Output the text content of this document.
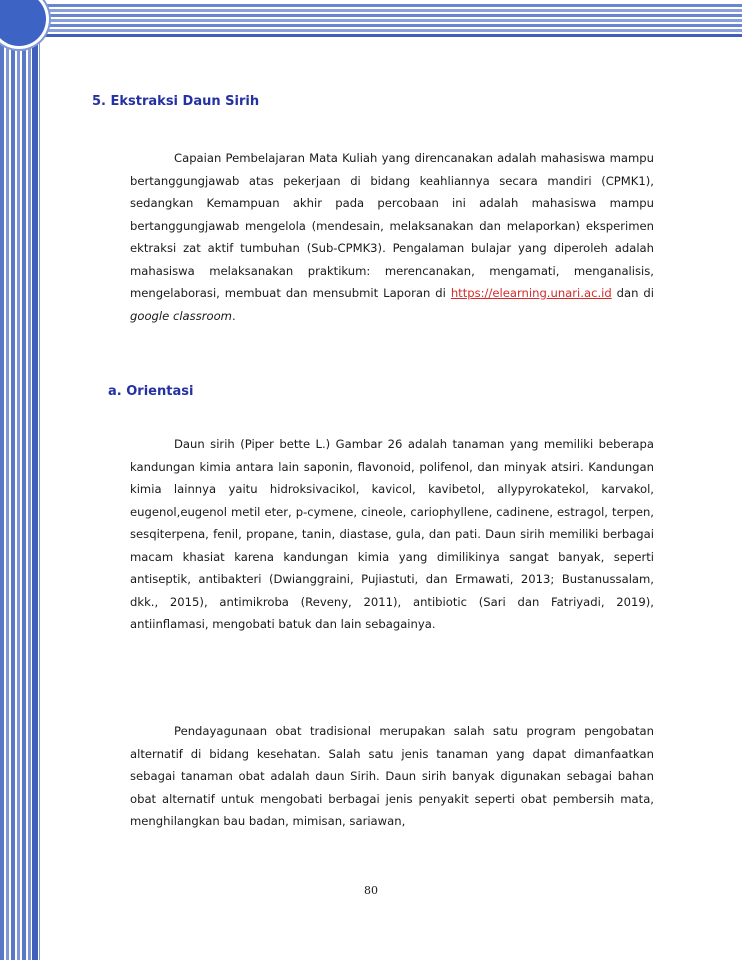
5. Ekstraksi Daun Sirih

Capaian Pembelajaran Mata Kuliah yang direncanakan adalah mahasiswa mampu bertanggungjawab atas pekerjaan di bidang keahliannya secara mandiri (CPMK1), sedangkan Kemampuan akhir pada percobaan ini adalah mahasiswa mampu bertanggungjawab mengelola (mendesain, melaksanakan dan melaporkan) eksperimen ektraksi zat aktif tumbuhan (Sub-CPMK3). Pengalaman bulajar yang diperoleh adalah mahasiswa melaksanakan praktikum: merencanakan, mengamati, menganalisis, mengelaborasi, membuat dan mensubmit Laporan di https://elearning.unari.ac.id dan di google classroom.

a. Orientasi

Daun sirih (Piper bette L.) Gambar 26 adalah tanaman yang memiliki beberapa kandungan kimia antara lain saponin, flavonoid, polifenol, dan minyak atsiri. Kandungan kimia lainnya yaitu hidroksivacikol, kavicol, kavibetol, allypyrokatekol, karvakol, eugenol,eugenol metil eter, p-cymene, cineole, cariophyllene, cadinene, estragol, terpen, sesqiterpena, fenil, propane, tanin, diastase, gula, dan pati. Daun sirih memiliki berbagai macam khasiat karena kandungan kimia yang dimilikinya sangat banyak, seperti antiseptik, antibakteri (Dwianggraini, Pujiastuti, dan Ermawati, 2013; Bustanussalam, dkk., 2015), antimikroba (Reveny, 2011), antibiotic (Sari dan Fatriyadi, 2019), antiinflamasi, mengobati batuk dan lain sebagainya.

Pendayagunaan obat tradisional merupakan salah satu program pengobatan alternatif di bidang kesehatan. Salah satu jenis tanaman yang dapat dimanfaatkan sebagai tanaman obat adalah daun Sirih. Daun sirih banyak digunakan sebagai bahan obat alternatif untuk mengobati berbagai jenis penyakit seperti obat pembersih mata, menghilangkan bau badan, mimisan, sariawan,

80
